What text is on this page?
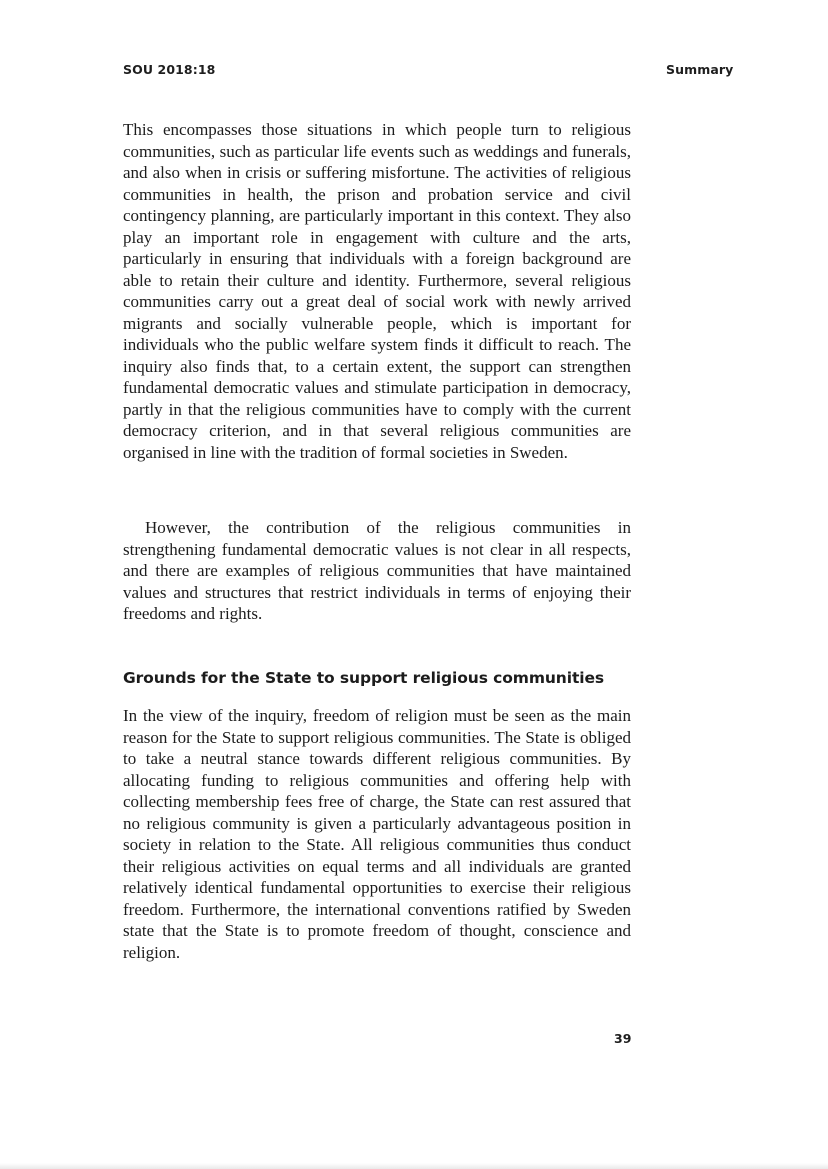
SOU 2018:18	Summary

This encompasses those situations in which people turn to religious communities, such as particular life events such as weddings and funerals, and also when in crisis or suffering misfortune. The activities of religious communities in health, the prison and probation service and civil contingency planning, are particularly important in this context. They also play an important role in engagement with culture and the arts, particularly in ensuring that individuals with a foreign background are able to retain their culture and identity. Furthermore, several religious communities carry out a great deal of social work with newly arrived migrants and socially vulnerable people, which is important for individuals who the public welfare system finds it difficult to reach. The inquiry also finds that, to a certain extent, the support can strengthen fundamental democratic values and stimulate participation in democracy, partly in that the religious communities have to comply with the current democracy criterion, and in that several religious communities are organised in line with the tradition of formal societies in Sweden.

However, the contribution of the religious communities in strengthening fundamental democratic values is not clear in all respects, and there are examples of religious communities that have maintained values and structures that restrict individuals in terms of enjoying their freedoms and rights.

Grounds for the State to support religious communities

In the view of the inquiry, freedom of religion must be seen as the main reason for the State to support religious communities. The State is obliged to take a neutral stance towards different religious communities. By allocating funding to religious communities and offering help with collecting membership fees free of charge, the State can rest assured that no religious community is given a particularly advantageous position in society in relation to the State. All religious communities thus conduct their religious activities on equal terms and all individuals are granted relatively identical fundamental opportunities to exercise their religious freedom. Furthermore, the international conventions ratified by Sweden state that the State is to promote freedom of thought, conscience and religion.

39
